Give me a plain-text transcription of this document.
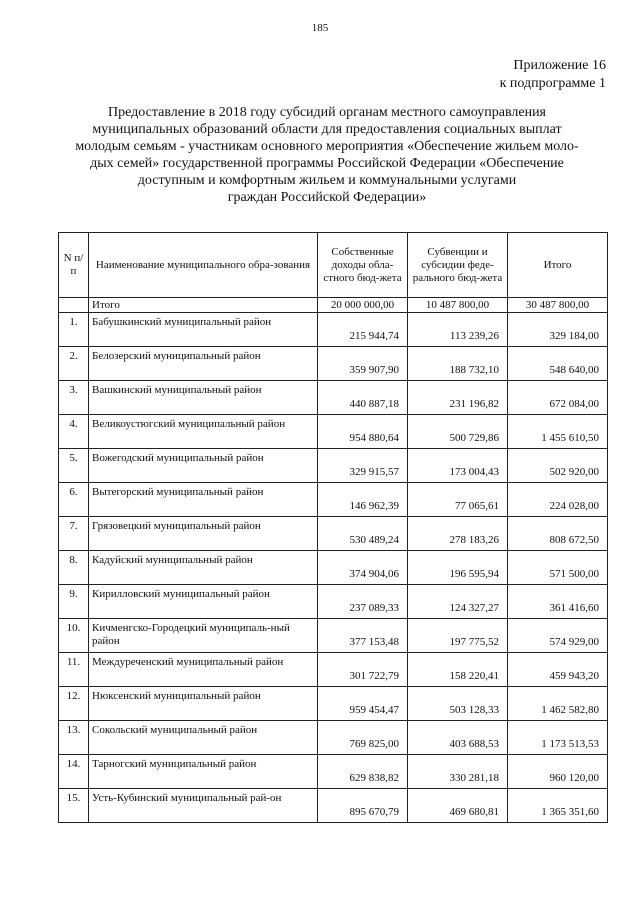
185
Приложение 16
к подпрограмме 1
Предоставление в 2018 году субсидий органам местного самоуправления
муниципальных образований области для предоставления социальных выплат
молодым семьям - участникам основного мероприятия «Обеспечение жильем моло-
дых семей» государственной программы Российской Федерации «Обеспечение
доступным и комфортным жильем и коммунальными услугами
граждан Российской Федерации»
N п/п	Наименование муниципального обра-зования	Собственные доходы обла-стного бюд-жета	Субвенции и субсидии феде-рального бюд-жета	Итого
	Итого	20 000 000,00	10 487 800,00	30 487 800,00
1.	Бабушкинский муниципальный район	215 944,74	113 239,26	329 184,00
2.	Белозерский муниципальный район	359 907,90	188 732,10	548 640,00
3.	Вашкинский муниципальный район	440 887,18	231 196,82	672 084,00
4.	Великоустюгский муниципальный район	954 880,64	500 729,86	1 455 610,50
5.	Вожегодский муниципальный район	329 915,57	173 004,43	502 920,00
6.	Вытегорский муниципальный район	146 962,39	77 065,61	224 028,00
7.	Грязовецкий муниципальный район	530 489,24	278 183,26	808 672,50
8.	Кадуйский муниципальный район	374 904,06	196 595,94	571 500,00
9.	Кирилловский муниципальный район	237 089,33	124 327,27	361 416,60
10.	Кичменгско-Городецкий муниципаль-ный район	377 153,48	197 775,52	574 929,00
11.	Междуреченский муниципальный район	301 722,79	158 220,41	459 943,20
12.	Нюксенский муниципальный район	959 454,47	503 128,33	1 462 582,80
13.	Сокольский муниципальный район	769 825,00	403 688,53	1 173 513,53
14.	Тарногский муниципальный район	629 838,82	330 281,18	960 120,00
15.	Усть-Кубинский муниципальный рай-он	895 670,79	469 680,81	1 365 351,60
